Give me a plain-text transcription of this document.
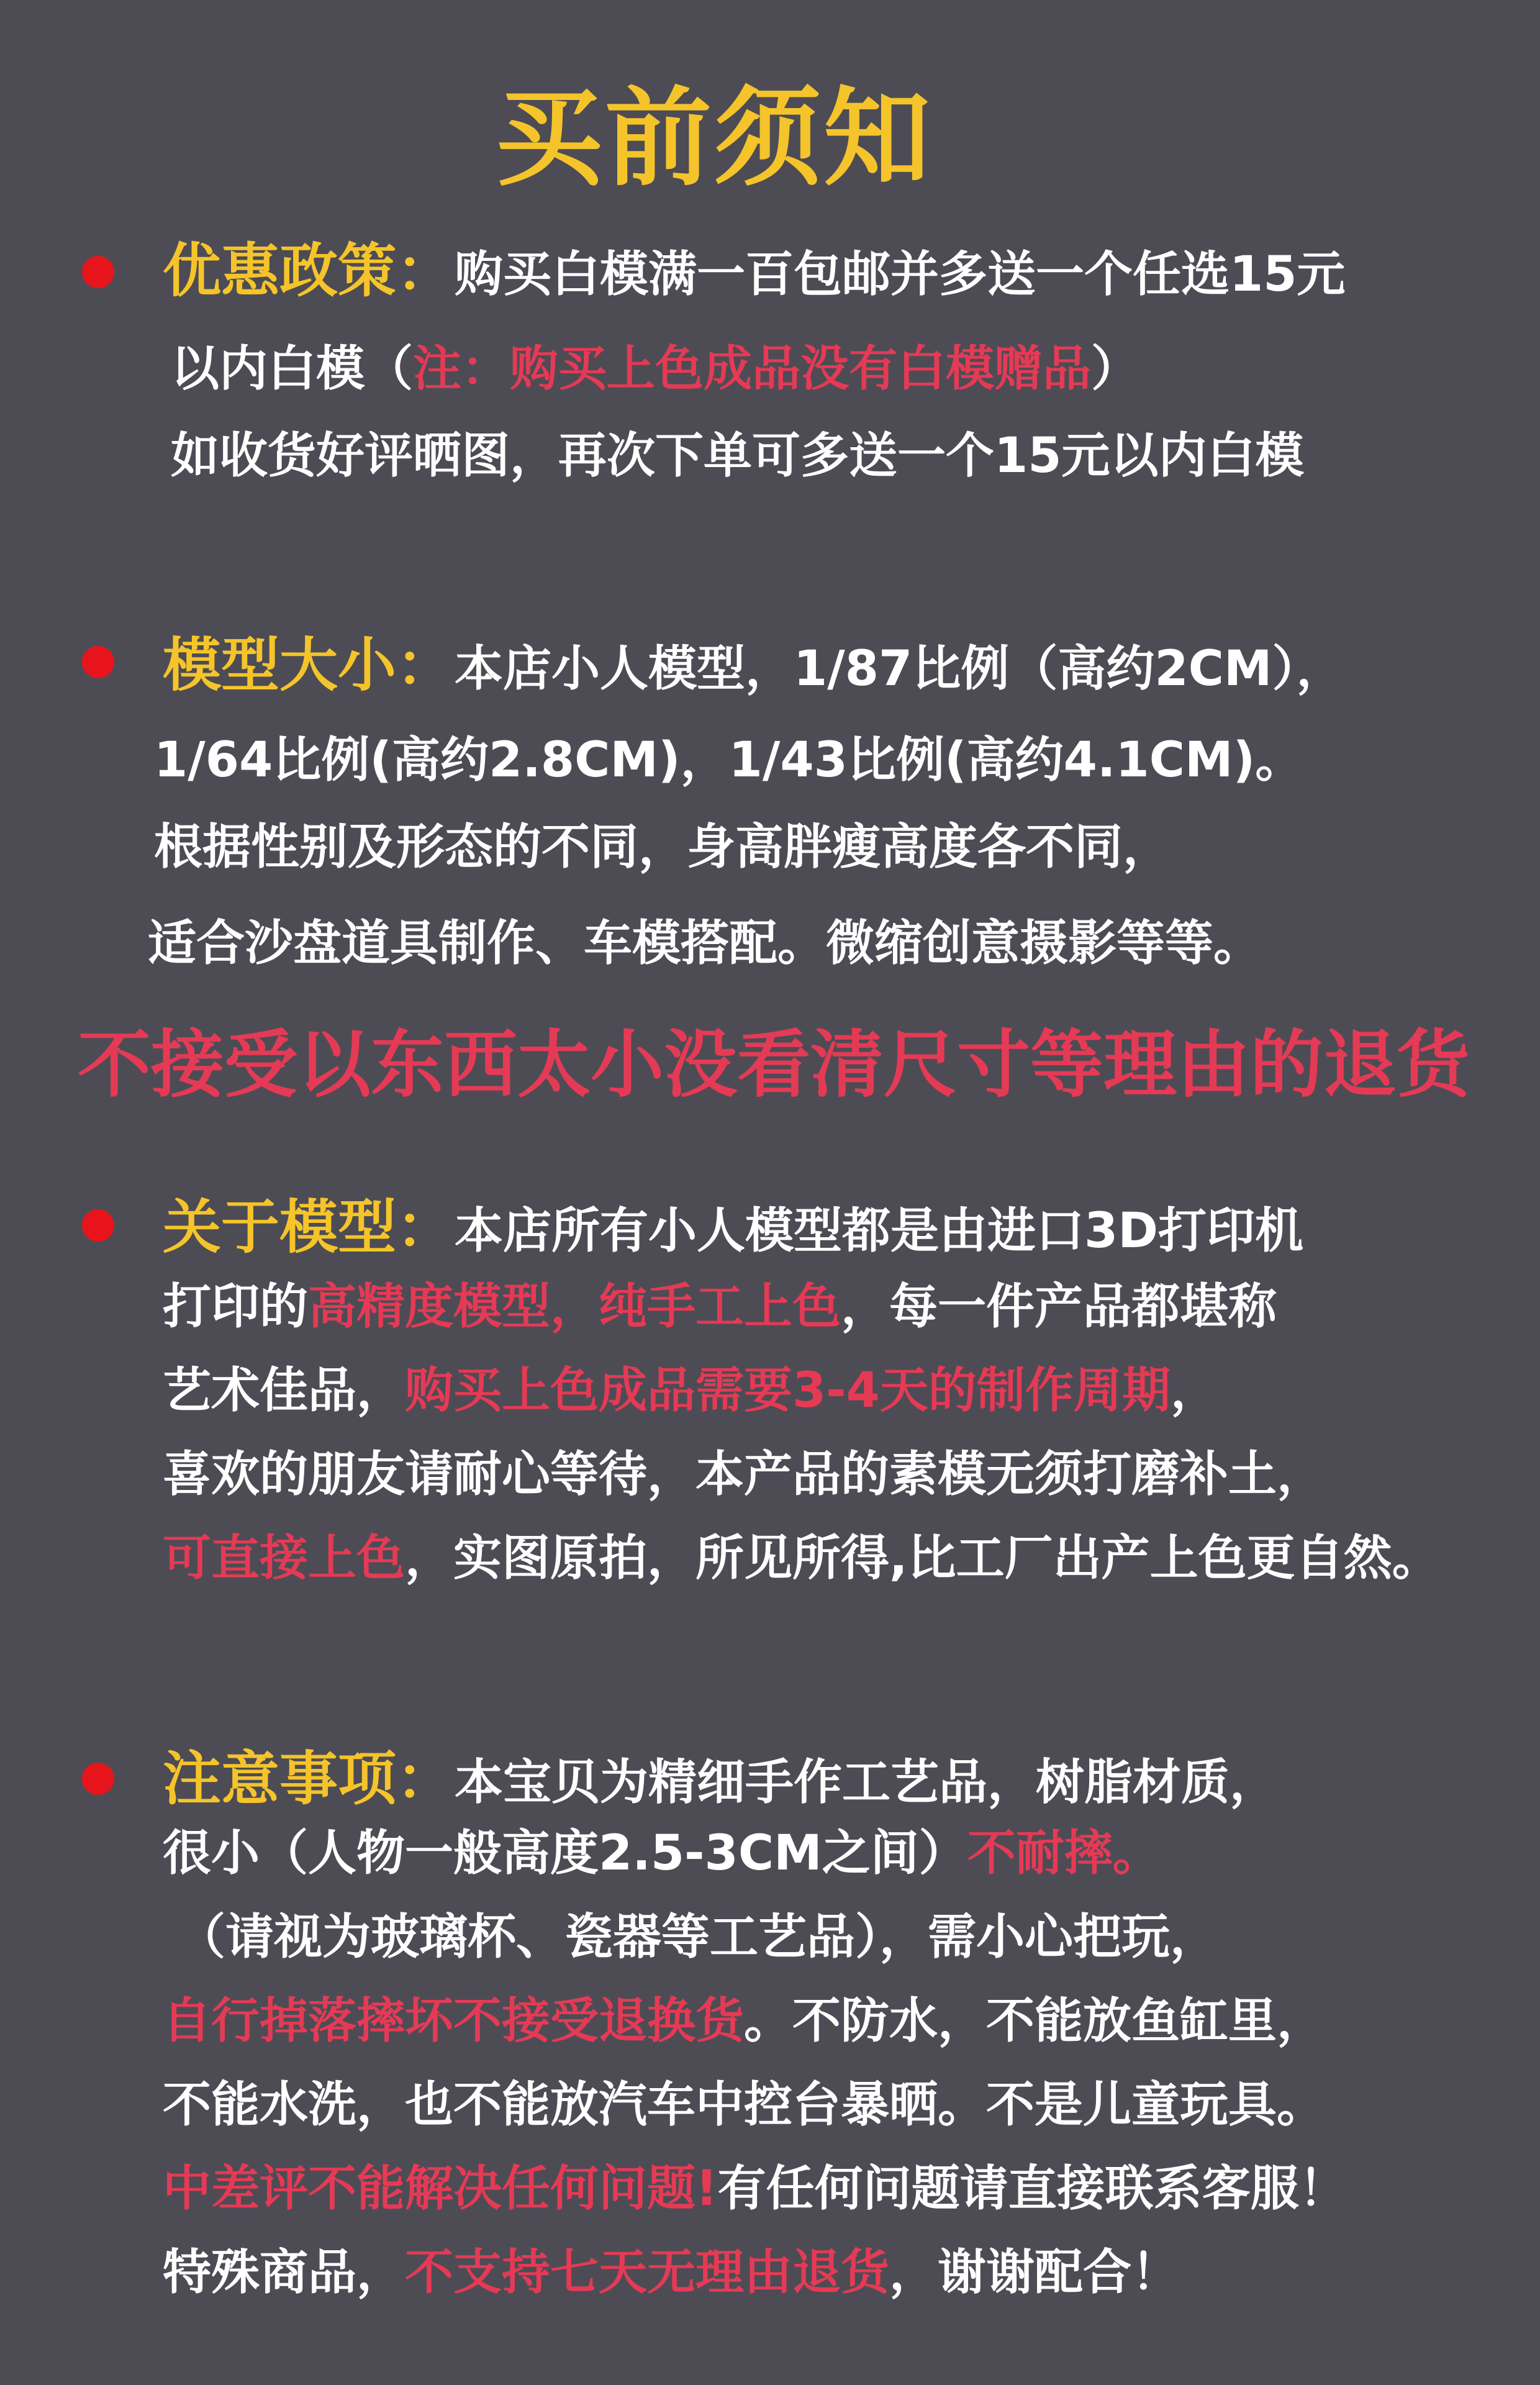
买前须知
优惠政策：购买白模满一百包邮并多送一个任选15元
以内白模（注：购买上色成品没有白模赠品）
如收货好评晒图，再次下单可多送一个15元以内白模
模型大小：本店小人模型，1/87比例（高约2CM），
1/64比例(高约2.8CM)，1/43比例(高约4.1CM)。
根据性别及形态的不同，身高胖瘦高度各不同，
适合沙盘道具制作、车模搭配。微缩创意摄影等等。
不接受以东西太小没看清尺寸等理由的退货
关于模型：本店所有小人模型都是由进口3D打印机
打印的高精度模型，纯手工上色，每一件产品都堪称
艺术佳品，购买上色成品需要3-4天的制作周期，
喜欢的朋友请耐心等待，本产品的素模无须打磨补土，
可直接上色，实图原拍，所见所得,比工厂出产上色更自然。
注意事项：本宝贝为精细手作工艺品，树脂材质，
很小（人物一般高度2.5-3CM之间）不耐摔。
（请视为玻璃杯、瓷器等工艺品），需小心把玩，
自行掉落摔坏不接受退换货。不防水，不能放鱼缸里，
不能水洗，也不能放汽车中控台暴晒。不是儿童玩具。
中差评不能解决任何问题!有任何问题请直接联系客服！
特殊商品，不支持七天无理由退货，谢谢配合！
